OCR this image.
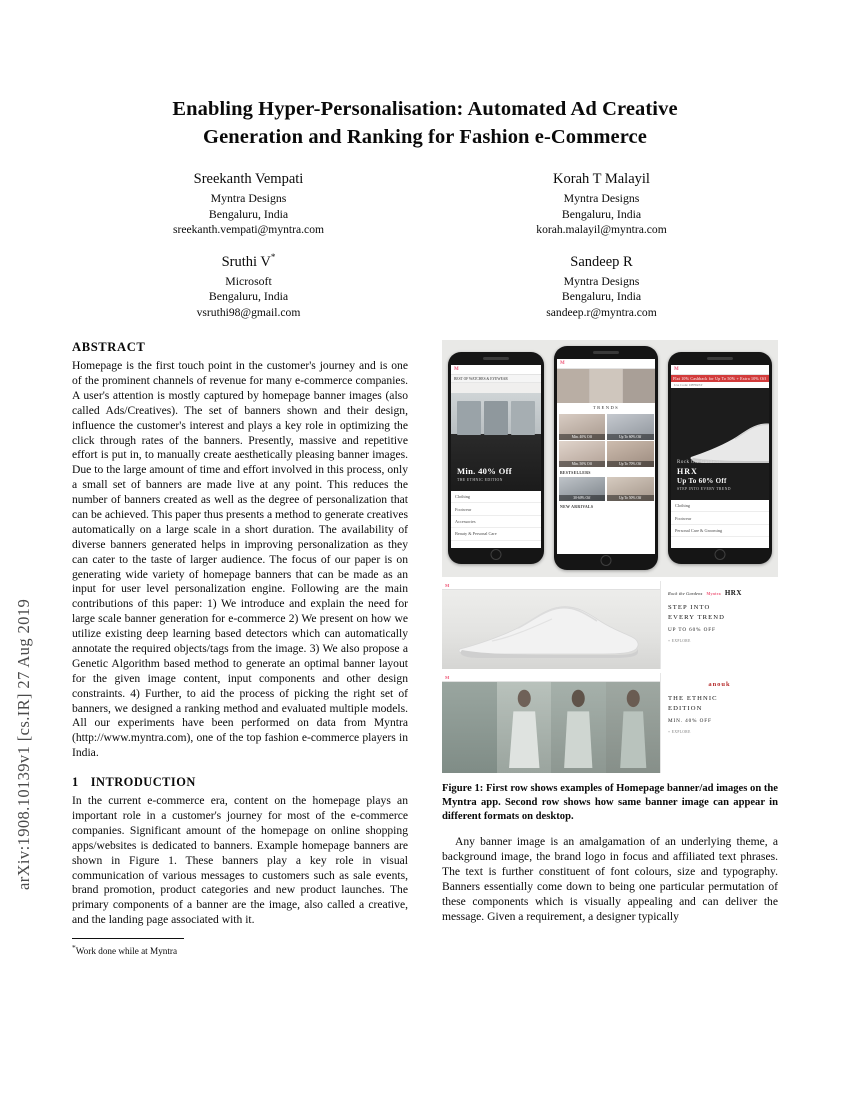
arXiv:1908.10139v1 [cs.IR] 27 Aug 2019
Enabling Hyper-Personalisation: Automated Ad Creative
Generation and Ranking for Fashion e-Commerce
Sreekanth Vempati
Myntra Designs
Bengaluru, India
sreekanth.vempati@myntra.com
Korah T Malayil
Myntra Designs
Bengaluru, India
korah.malayil@myntra.com
Sruthi V*
Microsoft
Bengaluru, India
vsruthi98@gmail.com
Sandeep R
Myntra Designs
Bengaluru, India
sandeep.r@myntra.com
ABSTRACT

Homepage is the first touch point in the customer's journey and is one of the prominent channels of revenue for many e-commerce companies. A user's attention is mostly captured by homepage banner images (also called Ads/Creatives). The set of banners shown and their design, influence the customer's interest and plays a key role in optimizing the click through rates of the banners. Presently, massive and repetitive effort is put in, to manually create aesthetically pleasing banner images. Due to the large amount of time and effort involved in this process, only a small set of banners are made live at any point. This reduces the number of banners created as well as the degree of personalization that can be achieved. This paper thus presents a method to generate creatives automatically on a large scale in a short duration. The availability of diverse banners generated helps in improving personalization as they can cater to the taste of larger audience. The focus of our paper is on generating wide variety of homepage banners that can be made as an input for user level personalization engine. Following are the main contributions of this paper: 1) We introduce and explain the need for large scale banner generation for e-commerce 2) We present on how we utilize existing deep learning based detectors which can automatically annotate the required objects/tags from the image. 3) We also propose a Genetic Algorithm based method to generate an optimal banner layout for the given image content, input components and other design constraints. 4) Further, to aid the process of picking the right set of banners, we designed a ranking method and evaluated multiple models. All our experiments have been performed on data from Myntra (http://www.myntra.com), one of the top fashion e-commerce players in India.

1 INTRODUCTION

In the current e-commerce era, content on the homepage plays an important role in a customer's journey for most of the e-commerce companies. Significant amount of the homepage on online shopping apps/websites is dedicated to banners. Example homepage banners are shown in Figure 1. These banners play a key role in visual communication of various messages to customers such as sale events, brand promotion, product categories and new product launches. The primary components of a banner are the image, also called a creative, and the landing page associated with it.

*Work done while at Myntra
M
BEST OF WATCHES & EYEWEAR
Min. 40% Off
THE ETHNIC EDITION
Clothing
Footwear
Accessories
Beauty & Personal Care
M
TRENDS
Min. 40% Off	Up To 60% Off
Min. 50% Off	Up To 70% Off
BESTSELLERS
30-60% Off	Up To 50% Off
NEW ARRIVALS
M
Flat 10% Cashback for Up To 50% + Extra 10% Off
Use Code: DFFIRST
Rock the Gardens
HRX
Up To 60% Off
STEP INTO EVERY TREND
Clothing
Footwear
Personal Care & Grooming
M
Rock the Gardens Myntra HRX
STEP INTO
EVERY TREND
UP TO 60% OFF
+ EXPLORE
M
anouk
THE ETHNIC
EDITION
MIN. 40% OFF
+ EXPLORE
Figure 1: First row shows examples of Homepage banner/ad images on the Myntra app. Second row shows how same banner image can appear in different formats on desktop.

Any banner image is an amalgamation of an underlying theme, a background image, the brand logo in focus and affiliated text phrases. The text is further constituent of font colours, size and typography. Banners essentially come down to being one particular permutation of these components which is visually appealing and can deliver the message. Given a requirement, a designer typically
